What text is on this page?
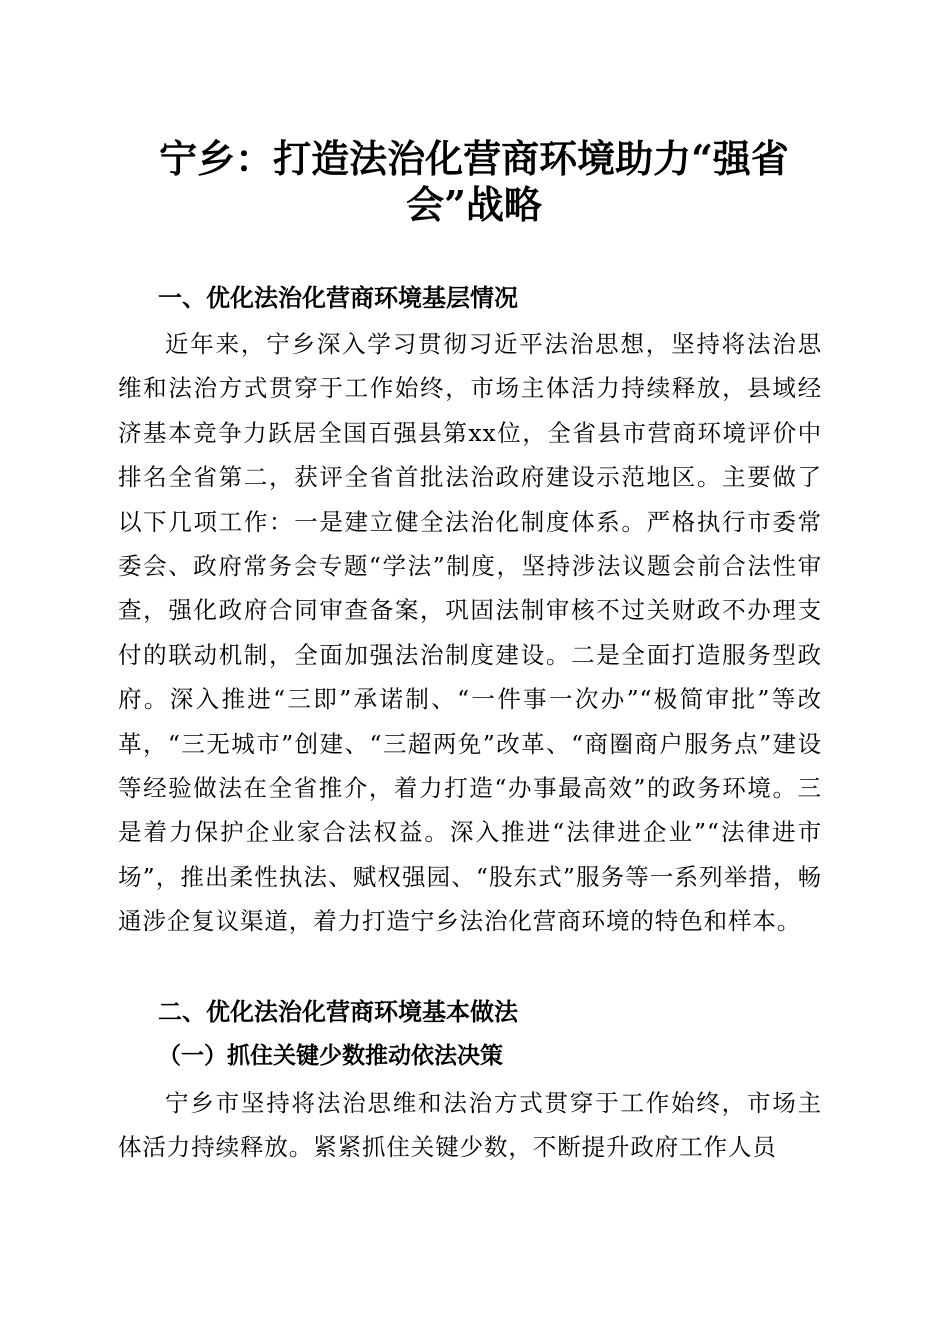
宁乡：打造法治化营商环境助力“强省会”战略
一、优化法治化营商环境基层情况

近年来，宁乡深入学习贯彻习近平法治思想，坚持将法治思维和法治方式贯穿于工作始终，市场主体活力持续释放，县域经济基本竞争力跃居全国百强县第xx位，全省县市营商环境评价中排名全省第二，获评全省首批法治政府建设示范地区。主要做了以下几项工作：一是建立健全法治化制度体系。严格执行市委常委会、政府常务会专题“学法”制度，坚持涉法议题会前合法性审查，强化政府合同审查备案，巩固法制审核不过关财政不办理支付的联动机制，全面加强法治制度建设。二是全面打造服务型政府。深入推进“三即”承诺制、“一件事一次办”“极简审批”等改革，“三无城市”创建、“三超两免”改革、“商圈商户服务点”建设等经验做法在全省推介，着力打造“办事最高效”的政务环境。三是着力保护企业家合法权益。深入推进“法律进企业”“法律进市场”，推出柔性执法、赋权强园、“股东式”服务等一系列举措，畅通涉企复议渠道，着力打造宁乡法治化营商环境的特色和样本。

二、优化法治化营商环境基本做法
（一）抓住关键少数推动依法决策

宁乡市坚持将法治思维和法治方式贯穿于工作始终，市场主体活力持续释放。紧紧抓住关键少数，不断提升政府工作人员
